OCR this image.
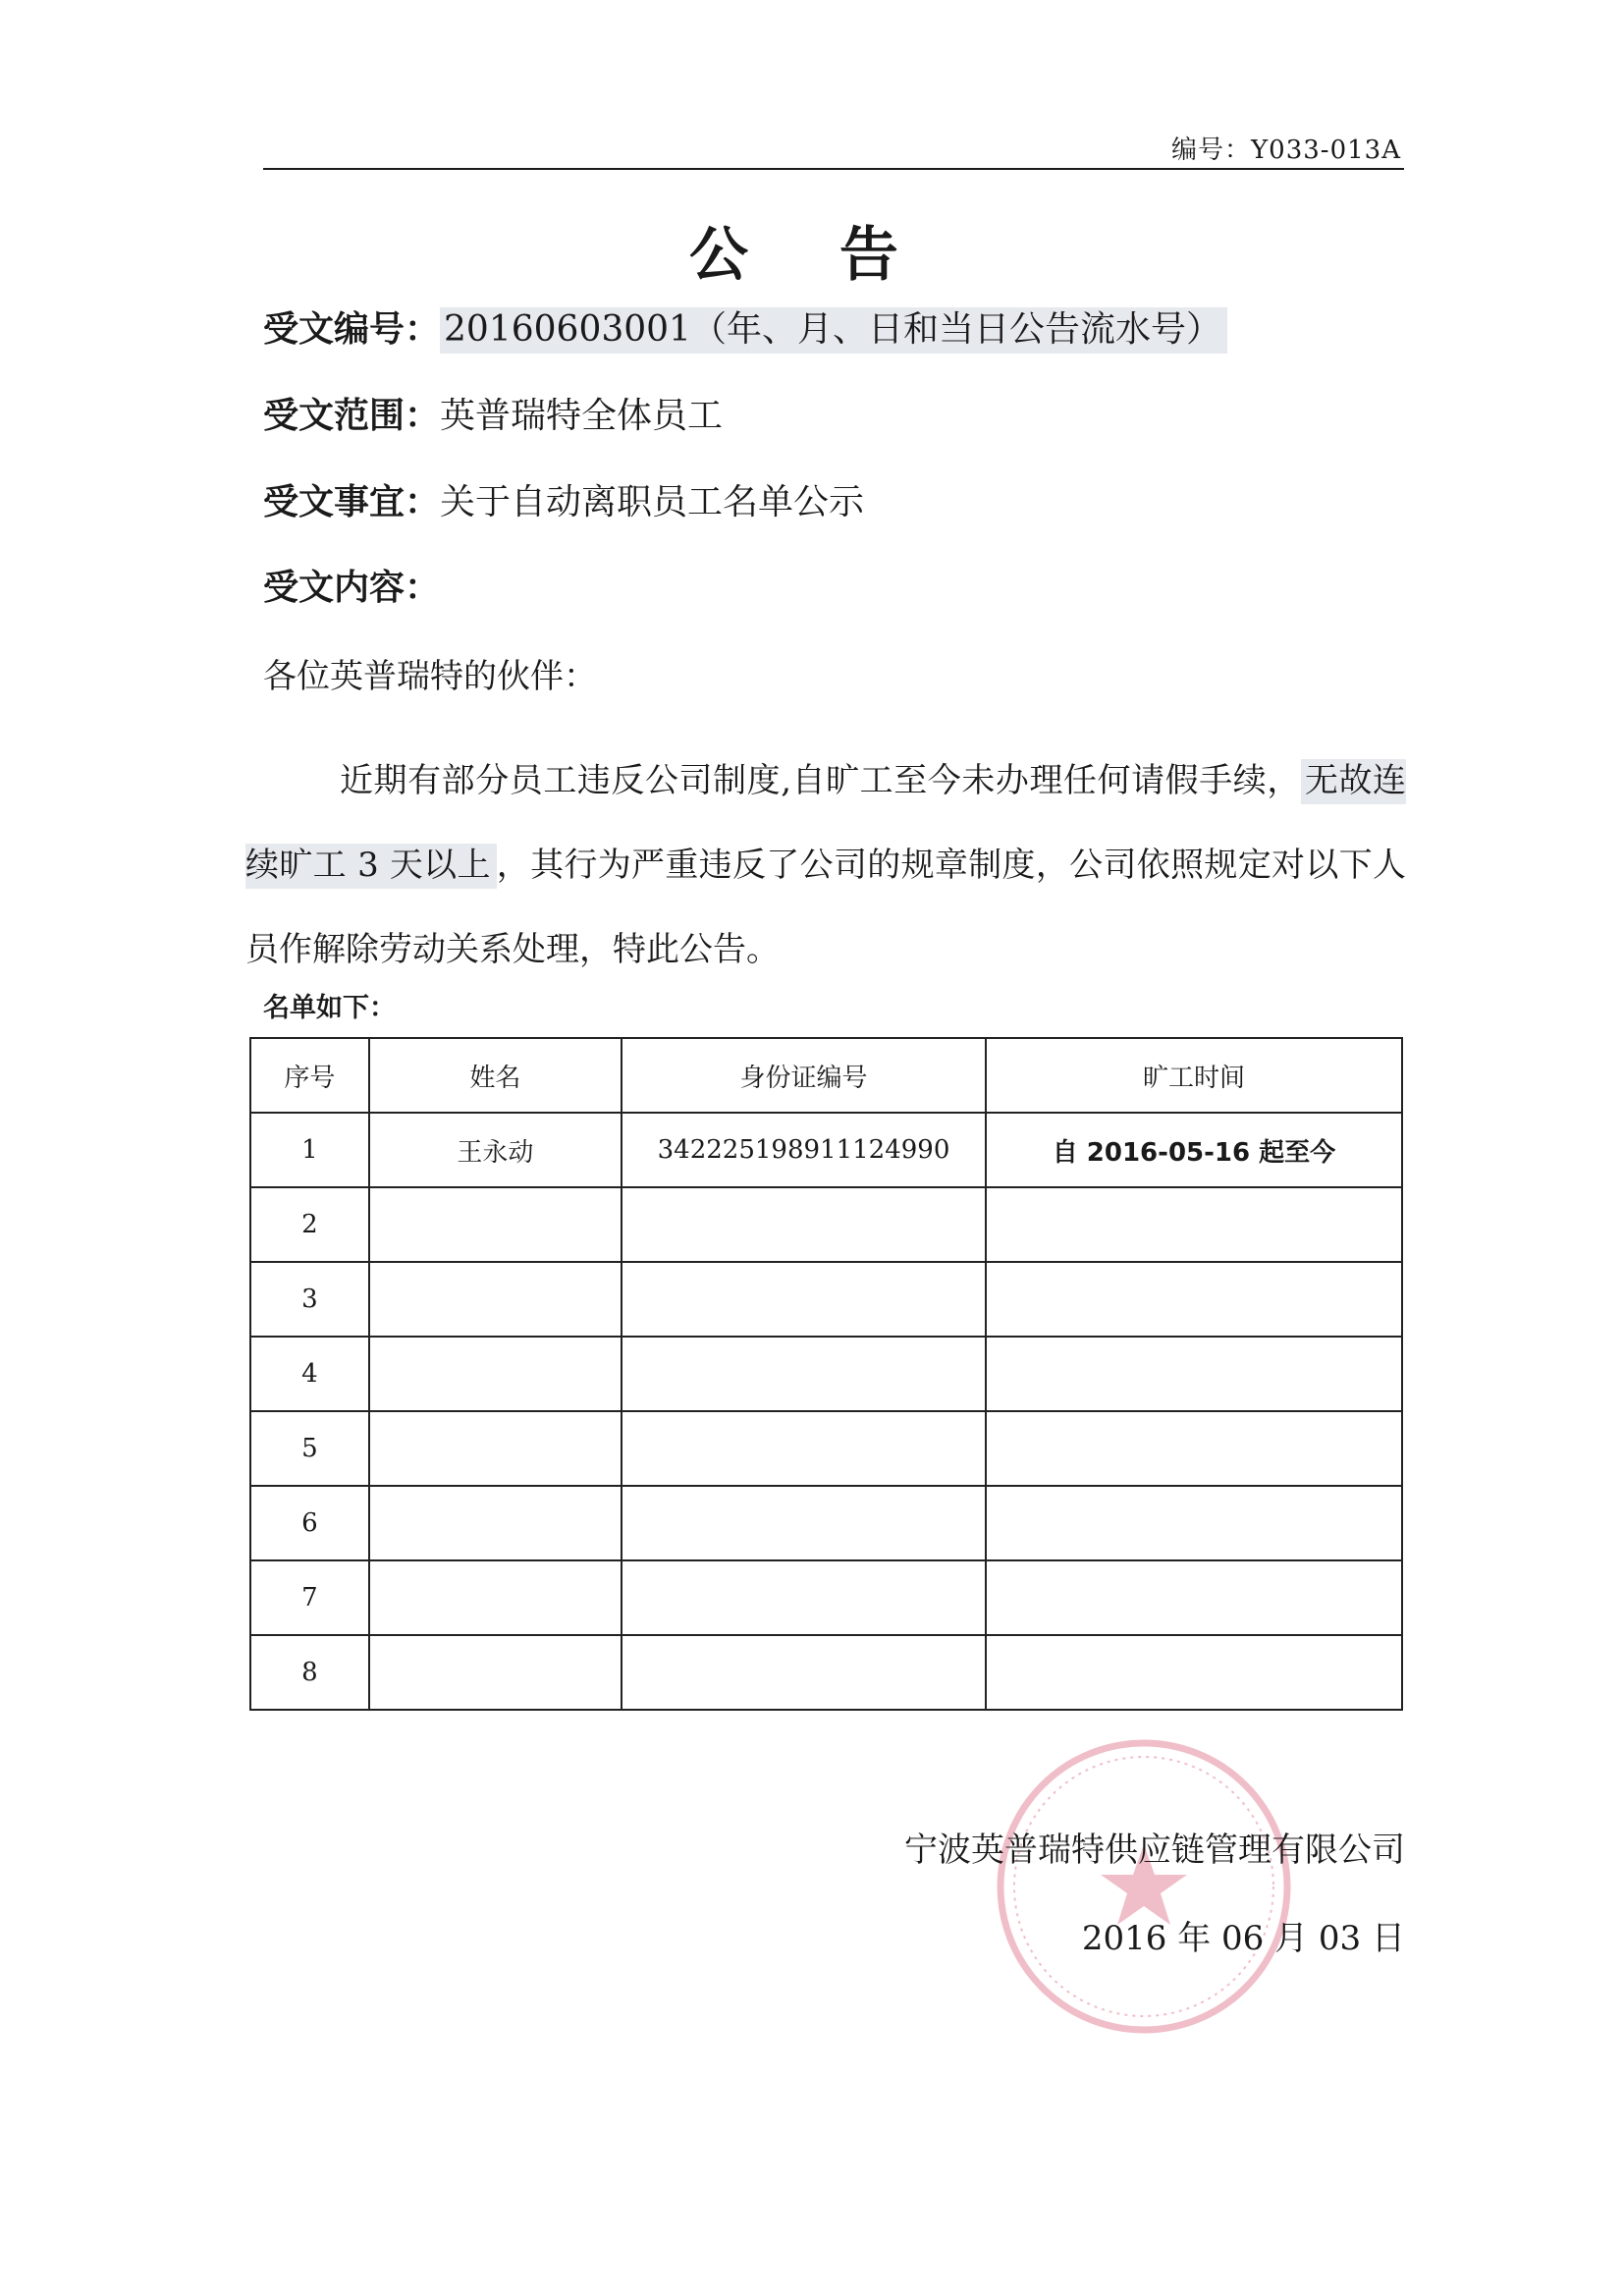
编号：Y033-013A
公 告
受文编号： 20160603001（年、月、日和当日公告流水号）
受文范围：英普瑞特全体员工
受文事宜：关于自动离职员工名单公示
受文内容：
各位英普瑞特的伙伴：
近期有部分员工违反公司制度,自旷工至今未办理任何请假手续， 无故连续旷工 3 天以上 ，其行为严重违反了公司的规章制度，公司依照规定对以下人员作解除劳动关系处理，特此公告。
名单如下：
序号	姓名	身份证编号	旷工时间
1	王永动	342225198911124990	自 2016-05-16 起至今
2			
3			
4			
5			
6			
7			
8			
宁波英普瑞特供应链管理有限公司
2016 年 06 月 03 日
